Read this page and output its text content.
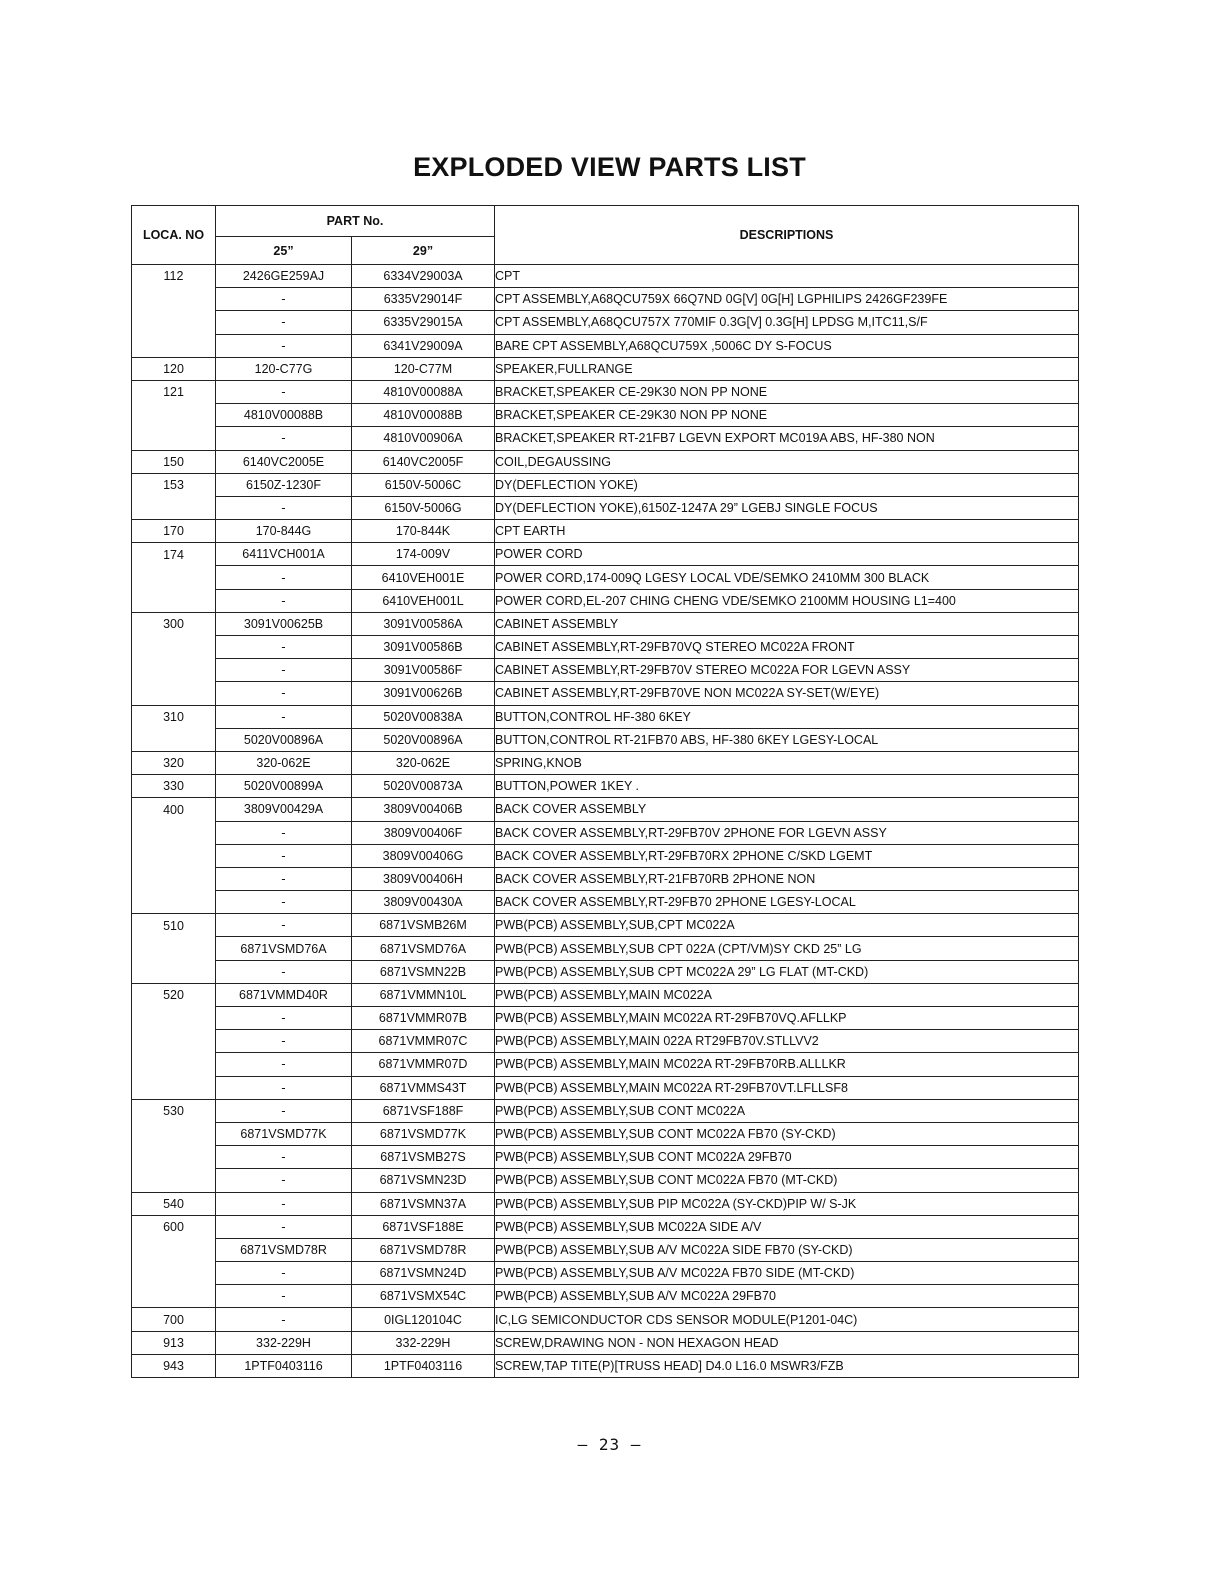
EXPLODED VIEW PARTS LIST
LOCA. NO	PART No.		DESCRIPTIONS
	25”	29”	
112	2426GE259AJ	6334V29003A	CPT
	-	6335V29014F	CPT ASSEMBLY,A68QCU759X 66Q7ND 0G[V] 0G[H] LGPHILIPS 2426GF239FE
	-	6335V29015A	CPT ASSEMBLY,A68QCU757X 770MIF 0.3G[V] 0.3G[H] LPDSG M,ITC11,S/F
	-	6341V29009A	BARE CPT ASSEMBLY,A68QCU759X ,5006C DY S-FOCUS
120	120-C77G	120-C77M	SPEAKER,FULLRANGE
121	-	4810V00088A	BRACKET,SPEAKER CE-29K30 NON PP NONE
	4810V00088B	4810V00088B	BRACKET,SPEAKER CE-29K30 NON PP NONE
	-	4810V00906A	BRACKET,SPEAKER RT-21FB7 LGEVN EXPORT MC019A ABS, HF-380 NON
150	6140VC2005E	6140VC2005F	COIL,DEGAUSSING
153	6150Z-1230F	6150V-5006C	DY(DEFLECTION YOKE)
	-	6150V-5006G	DY(DEFLECTION YOKE),6150Z-1247A 29” LGEBJ SINGLE FOCUS
170	170-844G	170-844K	CPT EARTH
174	6411VCH001A	174-009V	POWER CORD
	-	6410VEH001E	POWER CORD,174-009Q LGESY LOCAL VDE/SEMKO 2410MM 300 BLACK
	-	6410VEH001L	POWER CORD,EL-207 CHING CHENG VDE/SEMKO 2100MM HOUSING L1=400
300	3091V00625B	3091V00586A	CABINET ASSEMBLY
	-	3091V00586B	CABINET ASSEMBLY,RT-29FB70VQ STEREO MC022A FRONT
	-	3091V00586F	CABINET ASSEMBLY,RT-29FB70V STEREO MC022A FOR LGEVN ASSY
	-	3091V00626B	CABINET ASSEMBLY,RT-29FB70VE NON MC022A SY-SET(W/EYE)
310	-	5020V00838A	BUTTON,CONTROL HF-380 6KEY
	5020V00896A	5020V00896A	BUTTON,CONTROL RT-21FB70 ABS, HF-380 6KEY LGESY-LOCAL
320	320-062E	320-062E	SPRING,KNOB
330	5020V00899A	5020V00873A	BUTTON,POWER 1KEY .
400	3809V00429A	3809V00406B	BACK COVER ASSEMBLY
	-	3809V00406F	BACK COVER ASSEMBLY,RT-29FB70V 2PHONE FOR LGEVN ASSY
	-	3809V00406G	BACK COVER ASSEMBLY,RT-29FB70RX 2PHONE C/SKD LGEMT
	-	3809V00406H	BACK COVER ASSEMBLY,RT-21FB70RB 2PHONE NON
	-	3809V00430A	BACK COVER ASSEMBLY,RT-29FB70 2PHONE LGESY-LOCAL
510	-	6871VSMB26M	PWB(PCB) ASSEMBLY,SUB,CPT MC022A
	6871VSMD76A	6871VSMD76A	PWB(PCB) ASSEMBLY,SUB CPT 022A (CPT/VM)SY CKD 25” LG
	-	6871VSMN22B	PWB(PCB) ASSEMBLY,SUB CPT MC022A 29” LG FLAT (MT-CKD)
520	6871VMMD40R	6871VMMN10L	PWB(PCB) ASSEMBLY,MAIN MC022A
	-	6871VMMR07B	PWB(PCB) ASSEMBLY,MAIN MC022A RT-29FB70VQ.AFLLKP
	-	6871VMMR07C	PWB(PCB) ASSEMBLY,MAIN 022A RT29FB70V.STLLVV2
	-	6871VMMR07D	PWB(PCB) ASSEMBLY,MAIN MC022A RT-29FB70RB.ALLLKR
	-	6871VMMS43T	PWB(PCB) ASSEMBLY,MAIN MC022A RT-29FB70VT.LFLLSF8
530	-	6871VSF188F	PWB(PCB) ASSEMBLY,SUB CONT MC022A
	6871VSMD77K	6871VSMD77K	PWB(PCB) ASSEMBLY,SUB CONT MC022A FB70 (SY-CKD)
	-	6871VSMB27S	PWB(PCB) ASSEMBLY,SUB CONT MC022A 29FB70
	-	6871VSMN23D	PWB(PCB) ASSEMBLY,SUB CONT MC022A FB70 (MT-CKD)
540	-	6871VSMN37A	PWB(PCB) ASSEMBLY,SUB PIP MC022A (SY-CKD)PIP W/ S-JK
600	-	6871VSF188E	PWB(PCB) ASSEMBLY,SUB MC022A SIDE A/V
	6871VSMD78R	6871VSMD78R	PWB(PCB) ASSEMBLY,SUB A/V MC022A SIDE FB70 (SY-CKD)
	-	6871VSMN24D	PWB(PCB) ASSEMBLY,SUB A/V MC022A FB70 SIDE (MT-CKD)
	-	6871VSMX54C	PWB(PCB) ASSEMBLY,SUB A/V MC022A 29FB70
700	-	0IGL120104C	IC,LG SEMICONDUCTOR CDS SENSOR MODULE(P1201-04C)
913	332-229H	332-229H	SCREW,DRAWING NON - NON HEXAGON HEAD
943	1PTF0403116	1PTF0403116	SCREW,TAP TITE(P)[TRUSS HEAD] D4.0 L16.0 MSWR3/FZB
– 23 –
